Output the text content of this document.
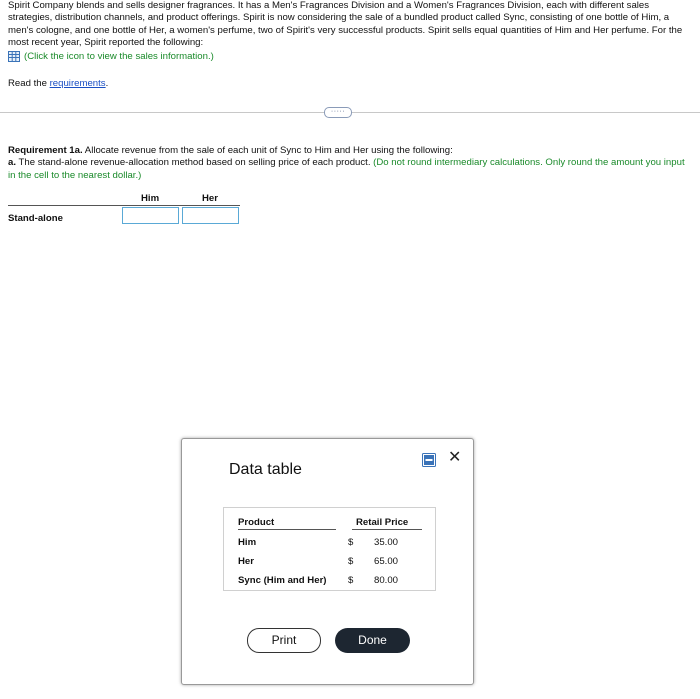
Spirit Company blends and sells designer fragrances. It has a Men's Fragrances Division and a Women's Fragrances Division, each with different sales strategies, distribution channels, and product offerings. Spirit is now considering the sale of a bundled product called Sync, consisting of one bottle of Him, a men's cologne, and one bottle of Her, a women's perfume, two of Spirit's very successful products. Spirit sells equal quantities of Him and Her perfume. For the most recent year, Spirit reported the following:
(Click the icon to view the sales information.)
Read the requirements.
·····
Requirement 1a. Allocate revenue from the sale of each unit of Sync to Him and Her using the following:
a. The stand-alone revenue-allocation method based on selling price of each product. (Do not round intermediary calculations. Only round the amount you input in the cell to the nearest dollar.)
Him	Her
Stand-alone
Data table
✕
Product	Retail Price
Him	$ 35.00
Her	$ 65.00
Sync (Him and Her) $ 80.00
Print	Done
